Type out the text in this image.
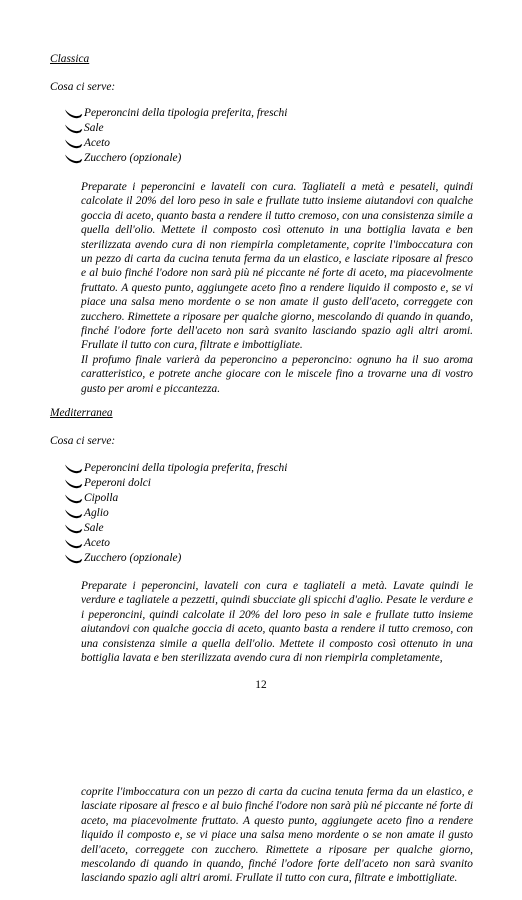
Classica
Cosa ci serve:
Peperoncini della tipologia preferita, freschi
Sale
Aceto
Zucchero (opzionale)

Preparate i peperoncini e lavateli con cura. Tagliateli a metà e pesateli, quindi calcolate il 20% del loro peso in sale e frullate tutto insieme aiutandovi con qualche goccia di aceto, quanto basta a rendere il tutto cremoso, con una consistenza simile a quella dell'olio. Mettete il composto così ottenuto in una bottiglia lavata e ben sterilizzata avendo cura di non riempirla completamente, coprite l'imboccatura con un pezzo di carta da cucina tenuta ferma da un elastico, e lasciate riposare al fresco e al buio finché l'odore non sarà più né piccante né forte di aceto, ma piacevolmente fruttato. A questo punto, aggiungete aceto fino a rendere liquido il composto e, se vi piace una salsa meno mordente o se non amate il gusto dell'aceto, correggete con zucchero. Rimettete a riposare per qualche giorno, mescolando di quando in quando, finché l'odore forte dell'aceto non sarà svanito lasciando spazio agli altri aromi. Frullate il tutto con cura, filtrate e imbottigliate.

Il profumo finale varierà da peperoncino a peperoncino: ognuno ha il suo aroma caratteristico, e potrete anche giocare con le miscele fino a trovarne una di vostro gusto per aromi e piccantezza.

Mediterranea
Cosa ci serve:
Peperoncini della tipologia preferita, freschi
Peperoni dolci
Cipolla
Aglio
Sale
Aceto
Zucchero (opzionale)

Preparate i peperoncini, lavateli con cura e tagliateli a metà. Lavate quindi le verdure e tagliatele a pezzetti, quindi sbucciate gli spicchi d'aglio. Pesate le verdure e i peperoncini, quindi calcolate il 20% del loro peso in sale e frullate tutto insieme aiutandovi con qualche goccia di aceto, quanto basta a rendere il tutto cremoso, con una consistenza simile a quella dell'olio. Mettete il composto così ottenuto in una bottiglia lavata e ben sterilizzata avendo cura di non riempirla completamente,

12

coprite l'imboccatura con un pezzo di carta da cucina tenuta ferma da un elastico, e lasciate riposare al fresco e al buio finché l'odore non sarà più né piccante né forte di aceto, ma piacevolmente fruttato. A questo punto, aggiungete aceto fino a rendere liquido il composto e, se vi piace una salsa meno mordente o se non amate il gusto dell'aceto, correggete con zucchero. Rimettete a riposare per qualche giorno, mescolando di quando in quando, finché l'odore forte dell'aceto non sarà svanito lasciando spazio agli altri aromi. Frullate il tutto con cura, filtrate e imbottigliate.
